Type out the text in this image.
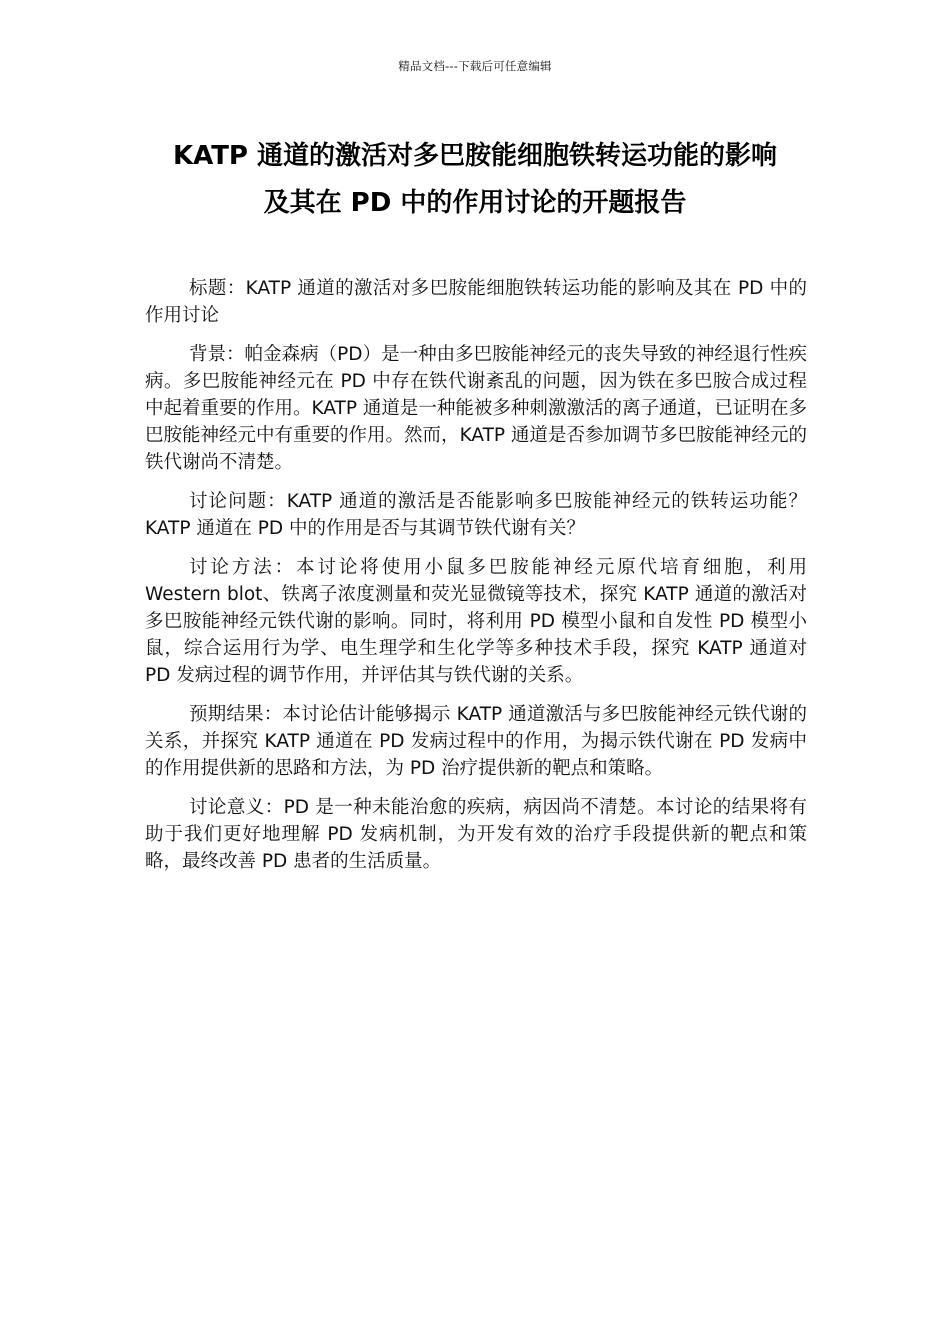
精品文档---下载后可任意编辑
KATP 通道的激活对多巴胺能细胞铁转运功能的影响
及其在 PD 中的作用讨论的开题报告

标题：KATP 通道的激活对多巴胺能细胞铁转运功能的影响及其在 PD 中的作用讨论

背景：帕金森病（PD）是一种由多巴胺能神经元的丧失导致的神经退行性疾病。多巴胺能神经元在 PD 中存在铁代谢紊乱的问题，因为铁在多巴胺合成过程中起着重要的作用。KATP 通道是一种能被多种刺激激活的离子通道，已证明在多巴胺能神经元中有重要的作用。然而，KATP 通道是否参加调节多巴胺能神经元的铁代谢尚不清楚。

讨论问题：KATP 通道的激活是否能影响多巴胺能神经元的铁转运功能？KATP 通道在 PD 中的作用是否与其调节铁代谢有关？

讨论方法：本讨论将使用小鼠多巴胺能神经元原代培育细胞，利用 Western blot、铁离子浓度测量和荧光显微镜等技术，探究 KATP 通道的激活对多巴胺能神经元铁代谢的影响。同时，将利用 PD 模型小鼠和自发性 PD 模型小鼠，综合运用行为学、电生理学和生化学等多种技术手段，探究 KATP 通道对 PD 发病过程的调节作用，并评估其与铁代谢的关系。

预期结果：本讨论估计能够揭示 KATP 通道激活与多巴胺能神经元铁代谢的关系，并探究 KATP 通道在 PD 发病过程中的作用，为揭示铁代谢在 PD 发病中的作用提供新的思路和方法，为 PD 治疗提供新的靶点和策略。

讨论意义：PD 是一种未能治愈的疾病，病因尚不清楚。本讨论的结果将有助于我们更好地理解 PD 发病机制，为开发有效的治疗手段提供新的靶点和策略，最终改善 PD 患者的生活质量。
